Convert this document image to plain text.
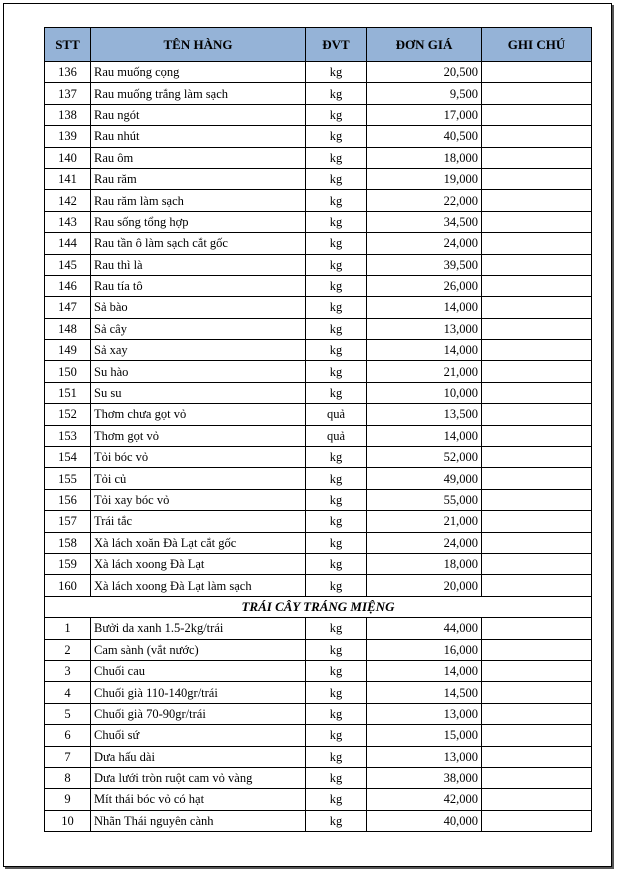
STT	TÊN HÀNG	ĐVT	ĐƠN GIÁ	GHI CHÚ
136	Rau muống cọng	kg	20,500	
137	Rau muống trắng làm sạch	kg	9,500	
138	Rau ngót	kg	17,000	
139	Rau nhút	kg	40,500	
140	Rau ôm	kg	18,000	
141	Rau răm	kg	19,000	
142	Rau răm làm sạch	kg	22,000	
143	Rau sống tổng hợp	kg	34,500	
144	Rau tần ô làm sạch cắt gốc	kg	24,000	
145	Rau thì là	kg	39,500	
146	Rau tía tô	kg	26,000	
147	Sả bào	kg	14,000	
148	Sả cây	kg	13,000	
149	Sả xay	kg	14,000	
150	Su hào	kg	21,000	
151	Su su	kg	10,000	
152	Thơm chưa gọt vỏ	quả	13,500	
153	Thơm gọt vỏ	quả	14,000	
154	Tỏi bóc vỏ	kg	52,000	
155	Tỏi củ	kg	49,000	
156	Tỏi xay bóc vỏ	kg	55,000	
157	Trái tắc	kg	21,000	
158	Xà lách xoăn Đà Lạt cắt gốc	kg	24,000	
159	Xà lách xoong Đà Lạt	kg	18,000	
160	Xà lách xoong Đà Lạt làm sạch	kg	20,000	
TRÁI CÂY TRÁNG MIỆNG				
1	Bưởi da xanh 1.5-2kg/trái	kg	44,000	
2	Cam sành (vắt nước)	kg	16,000	
3	Chuối cau	kg	14,000	
4	Chuối già 110-140gr/trái	kg	14,500	
5	Chuối già 70-90gr/trái	kg	13,000	
6	Chuối sứ	kg	15,000	
7	Dưa hấu dài	kg	13,000	
8	Dưa lưới tròn ruột cam vỏ vàng	kg	38,000	
9	Mít thái bóc vỏ có hạt	kg	42,000	
10	Nhãn Thái nguyên cành	kg	40,000	
